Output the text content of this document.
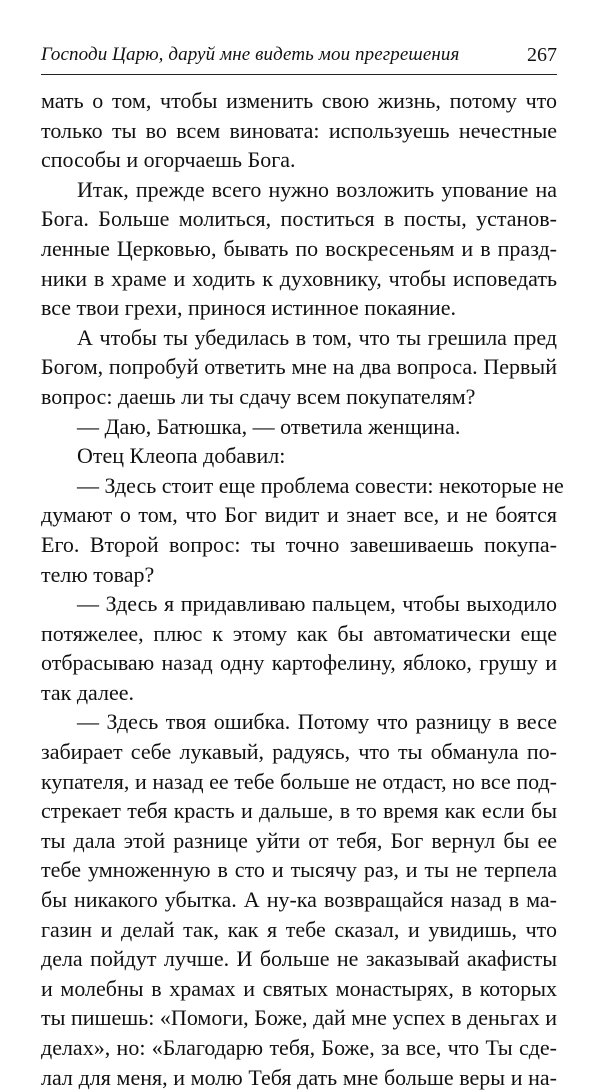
Господи Царю, даруй мне видеть мои прегрешения	267
мать о том, чтобы изменить свою жизнь, потому что
только ты во всем виновата: используешь нечестные
способы и огорчаешь Бога.
Итак, прежде всего нужно возложить упование на
Бога. Больше молиться, поститься в посты, установ-
ленные Церковью, бывать по воскресеньям и в празд-
ники в храме и ходить к духовнику, чтобы исповедать
все твои грехи, принося истинное покаяние.
А чтобы ты убедилась в том, что ты грешила пред
Богом, попробуй ответить мне на два вопроса. Первый
вопрос: даешь ли ты сдачу всем покупателям?
— Даю, Батюшка, — ответила женщина.
Отец Клеопа добавил:
— Здесь стоит еще проблема совести: некоторые не
думают о том, что Бог видит и знает все, и не боятся
Его. Второй вопрос: ты точно завешиваешь покупа-
телю товар?
— Здесь я придавливаю пальцем, чтобы выходило
потяжелее, плюс к этому как бы автоматически еще
отбрасываю назад одну картофелину, яблоко, грушу и
так далее.
— Здесь твоя ошибка. Потому что разницу в весе
забирает себе лукавый, радуясь, что ты обманула по-
купателя, и назад ее тебе больше не отдаст, но все под-
стрекает тебя красть и дальше, в то время как если бы
ты дала этой разнице уйти от тебя, Бог вернул бы ее
тебе умноженную в сто и тысячу раз, и ты не терпела
бы никакого убытка. А ну-ка возвращайся назад в ма-
газин и делай так, как я тебе сказал, и увидишь, что
дела пойдут лучше. И больше не заказывай акафисты
и молебны в храмах и святых монастырях, в которых
ты пишешь: «Помоги, Боже, дай мне успех в деньгах и
делах», но: «Благодарю тебя, Боже, за все, что Ты сде-
лал для меня, и молю Тебя дать мне больше веры и на-
